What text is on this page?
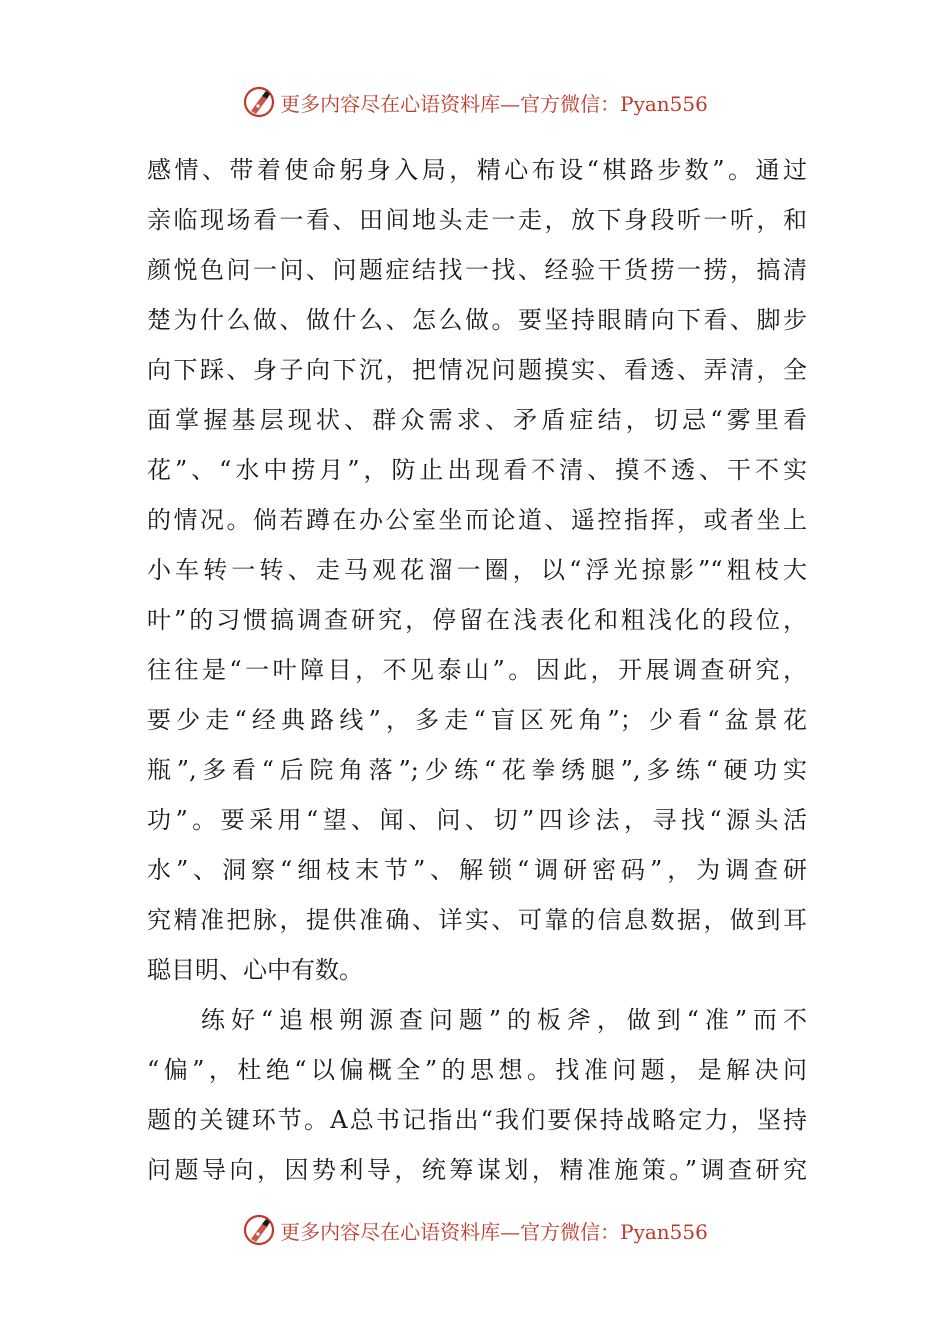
更多内容尽在心语资料库—官方微信：Pyan556
感情、带着使命躬身入局，精心布设“棋路步数”。通过
亲临现场看一看、田间地头走一走，放下身段听一听，和
颜悦色问一问、问题症结找一找、经验干货捞一捞，搞清
楚为什么做、做什么、怎么做。要坚持眼睛向下看、脚步
向下踩、身子向下沉，把情况问题摸实、看透、弄清，全
面掌握基层现状、群众需求、矛盾症结，切忌“雾里看
花”、“水中捞月”，防止出现看不清、摸不透、干不实
的情况。倘若蹲在办公室坐而论道、遥控指挥，或者坐上
小车转一转、走马观花溜一圈，以“浮光掠影”“粗枝大
叶”的习惯搞调查研究，停留在浅表化和粗浅化的段位，
往往是“一叶障目，不见泰山”。因此，开展调查研究，
要少走“经典路线”，多走“盲区死角”；少看“盆景花
瓶”,多看“后院角落”;少练“花拳绣腿”,多练“硬功实
功”。要采用“望、闻、问、切”四诊法，寻找“源头活
水”、洞察“细枝末节”、解锁“调研密码”，为调查研
究精准把脉，提供准确、详实、可靠的信息数据，做到耳
聪目明、心中有数。
练好“追根朔源查问题”的板斧，做到“准”而不
“偏”，杜绝“以偏概全”的思想。找准问题，是解决问
题的关键环节。A总书记指出“我们要保持战略定力，坚持
问题导向，因势利导，统筹谋划，精准施策。”调查研究
更多内容尽在心语资料库—官方微信：Pyan556
